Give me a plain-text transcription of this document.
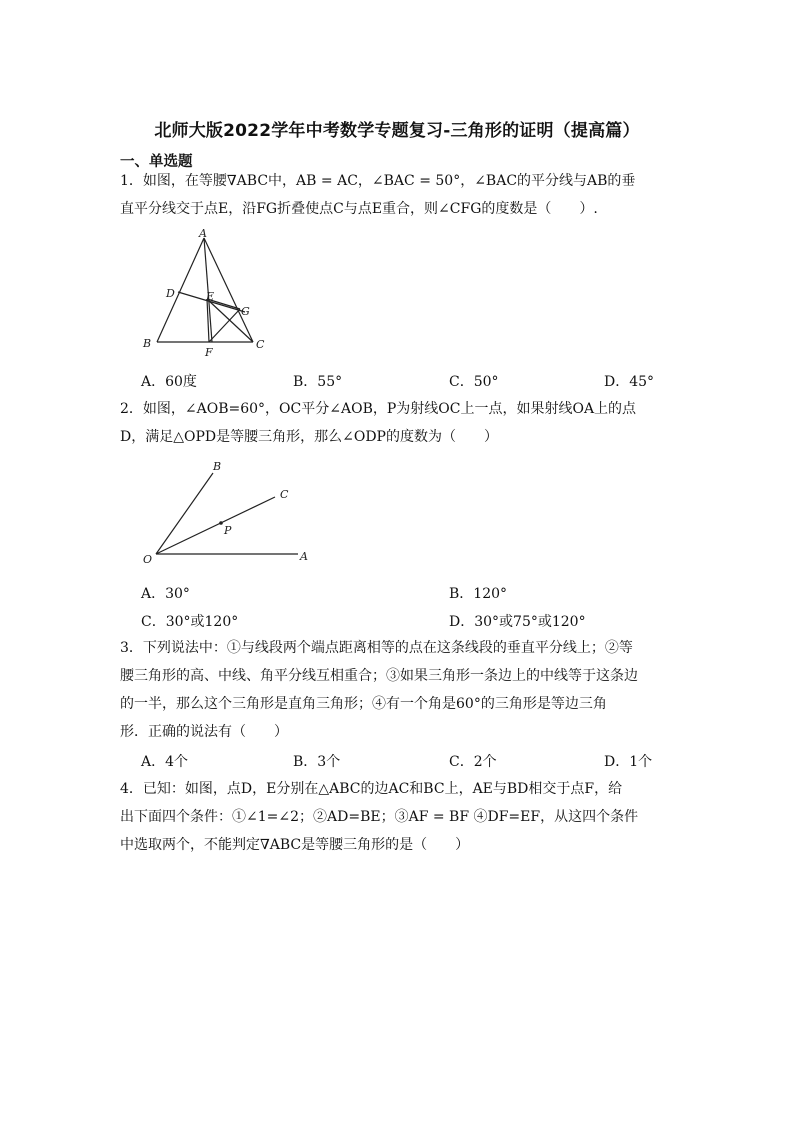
北师大版2022学年中考数学专题复习-三角形的证明（提高篇）
一、单选题
1．如图，在等腰∇ABC中，AB = AC，∠BAC = 50°，∠BAC的平分线与AB的垂
直平分线交于点E，沿FG折叠使点C与点E重合，则∠CFG的度数是（　　）.
A
D	E
G
B
F
C
A．60度	B．55°	C．50°	D．45°
2．如图，∠AOB=60°，OC平分∠AOB，P为射线OC上一点，如果射线OA上的点
D，满足△OPD是等腰三角形，那么∠ODP的度数为（　　）
B
C
P
O	A
A．30°	B．120°
C．30°或120°	D．30°或75°或120°
3．下列说法中：①与线段两个端点距离相等的点在这条线段的垂直平分线上；②等
腰三角形的高、中线、角平分线互相重合；③如果三角形一条边上的中线等于这条边
的一半，那么这个三角形是直角三角形；④有一个角是60°的三角形是等边三角
形．正确的说法有（　　）
A．4个	B．3个	C．2个	D．1个
4．已知：如图，点D，E分别在△ABC的边AC和BC上，AE与BD相交于点F，给
出下面四个条件：①∠1=∠2；②AD=BE；③AF = BF ④DF=EF，从这四个条件
中选取两个，不能判定∇ABC是等腰三角形的是（　　）
